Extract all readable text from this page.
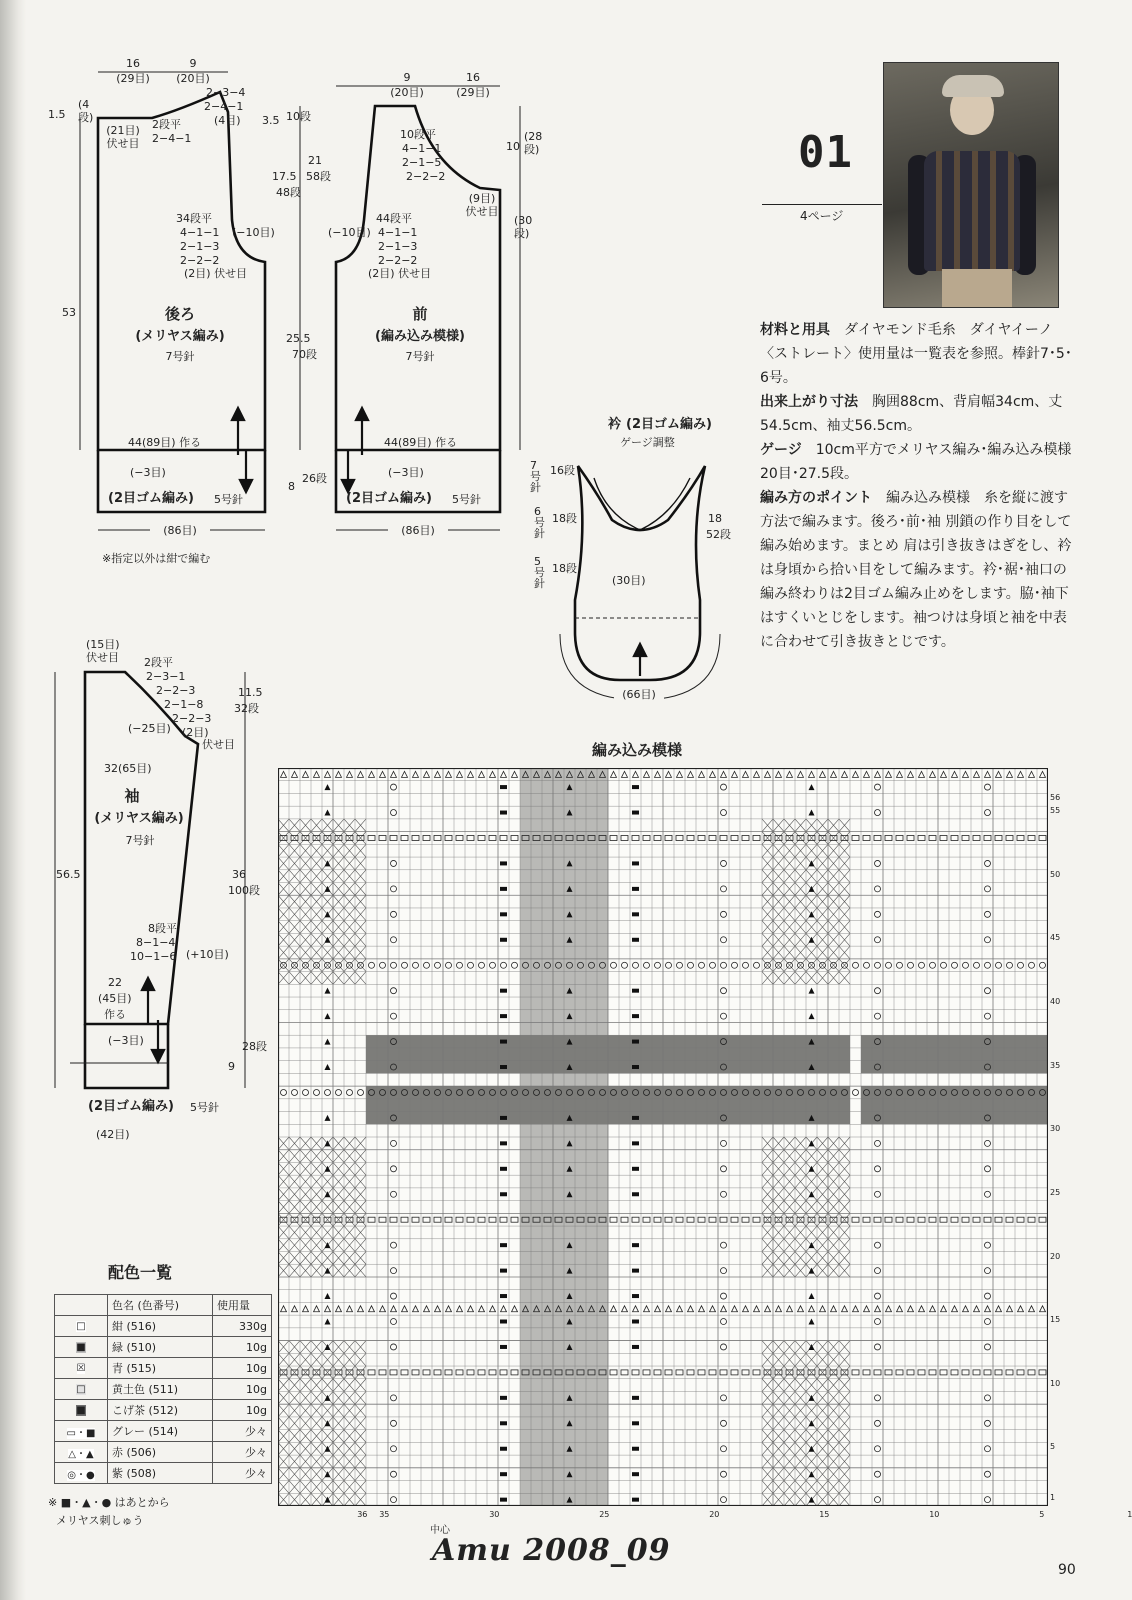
16
(29目)
9
(20目)
2−3−4
2−4−1
(4目)
1.5
(4
段)
(21目)
伏せ目
2段平
2−4−1
34段平
4−1−1
2−1−3
2−2−2
(2目) 伏せ目
(−10目)
53	後ろ
(メリヤス編み)
7号針
44(89目) 作る
(−3目)
(2目ゴム編み) 5号針
(86目)
※指定以外は紺で編む
9
(20目)
16
(29目)
3.5 10段
17.5
48段
21
58段
25.5
70段
8
26段
10段平
4−1−1
2−1−5
2−2−2
(9目)
伏せ目
10
(28
段)
(30
段)
44段平
4−1−1
2−1−3
2−2−2
(2目) 伏せ目
(−10目)
前
(編み込み模様)
7号針
44(89目) 作る
(−3目)
(2目ゴム編み) 5号針
(86目)
(15目)
伏せ目 2段平
2−3−1
2−2−3
2−1−8
2−2−3
(2目)
伏せ目
(−25目)
11.5
32段
32(65目)
袖
(メリヤス編み)
7号針
56.5	36
100段
8段平
8−1−4
10−1−6 (+10目)
22
(45目)
作る
9
28段
(−3目)
(2目ゴム編み) 5号針
(42目)
衿 (2目ゴム編み)
ゲージ調整
7
号
針
16段
6
号
針
18段
5
号
針
18段
18
52段
(30目)
(66目)
01
4ページ

材料と用具　ダイヤモンド毛糸　ダイヤイーノ〈ストレート〉使用量は一覧表を参照。棒針7･5･6号。

出来上がり寸法　胸囲88cm、背肩幅34cm、丈54.5cm、袖丈56.5cm。

ゲージ　10cm平方でメリヤス編み･編み込み模様20目･27.5段。

編み方のポイント　編み込み模様　糸を縦に渡す方法で編みます。後ろ･前･袖 別鎖の作り目をして編み始めます。まとめ 肩は引き抜きはぎをし、衿は身頃から拾い目をして編みます。衿･裾･袖口の編み終わりは2目ゴム編み止めをします。脇･袖下はすくいとじをします。袖つけは身頃と袖を中表に合わせて引き抜きとじです。

編み込み模様
1
5
10
15
20
25
30
35
40
45
50
55
56
36 35	30	25	20	15	10	5	1
中心
配色一覧
	色名 (色番号)	使用量
□	紺 (516)	330g
■	緑 (510)	10g
☒	青 (515)	10g
□	黄土色 (511)	10g
■	こげ茶 (512)	10g
▭・■	グレー (514)	少々
△・▲	赤 (506)	少々
◎・●	紫 (508)	少々
※ ■・▲・● はあとから
メリヤス刺しゅう
Amu 2008_09
90
